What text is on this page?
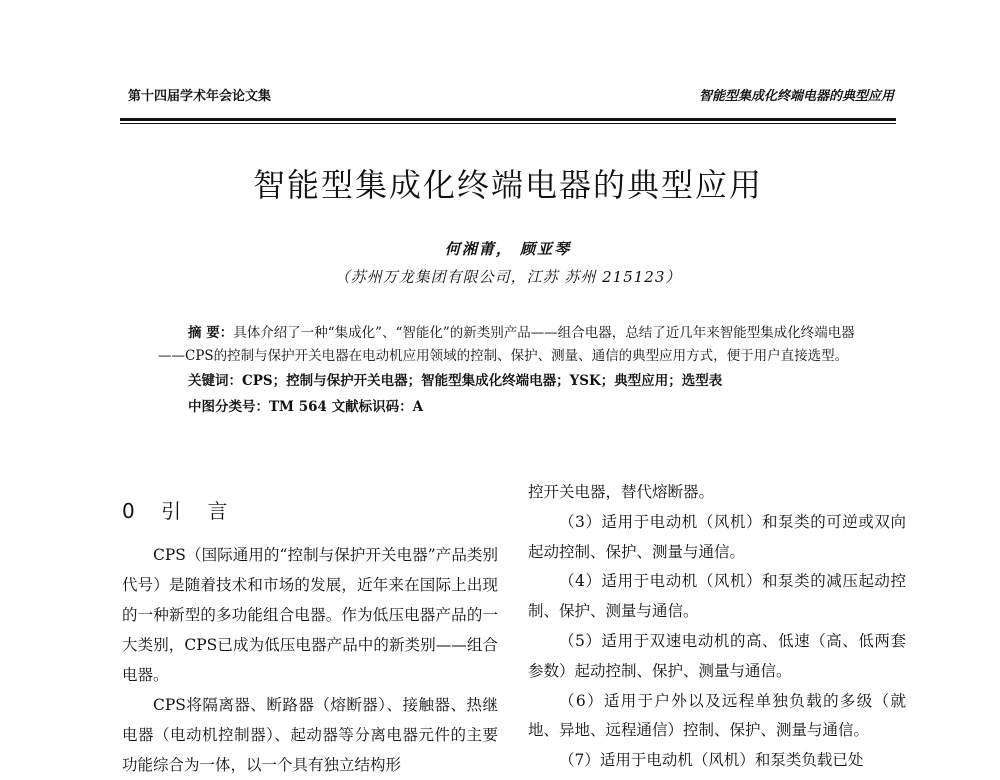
第十四届学术年会论文集	智能型集成化终端电器的典型应用
智能型集成化终端电器的典型应用
何湘莆， 顾亚琴
（苏州万龙集团有限公司，江苏 苏州 215123）

摘 要：具体介绍了一种“集成化”、“智能化”的新类别产品——组合电器，总结了近几年来智能型集成化终端电器——CPS的控制与保护开关电器在电动机应用领域的控制、保护、测量、通信的典型应用方式，便于用户直接选型。

关键词：CPS；控制与保护开关电器；智能型集成化终端电器；YSK；典型应用；选型表
中图分类号：TM 564 文献标识码：A
0 引 言

CPS（国际通用的“控制与保护开关电器”产品类别代号）是随着技术和市场的发展，近年来在国际上出现的一种新型的多功能组合电器。作为低压电器产品的一大类别，CPS已成为低压电器产品中的新类别——组合电器。

CPS将隔离器、断路器（熔断器）、接触器、热继电器（电动机控制器）、起动器等分离电器元件的主要功能综合为一体，以一个具有独立结构形

控开关电器，替代熔断器。

（3）适用于电动机（风机）和泵类的可逆或双向起动控制、保护、测量与通信。

（4）适用于电动机（风机）和泵类的减压起动控制、保护、测量与通信。

（5）适用于双速电动机的高、低速（高、低两套参数）起动控制、保护、测量与通信。

（6）适用于户外以及远程单独负载的多级（就地、异地、远程通信）控制、保护、测量与通信。

（7）适用于电动机（风机）和泵类负载已处
